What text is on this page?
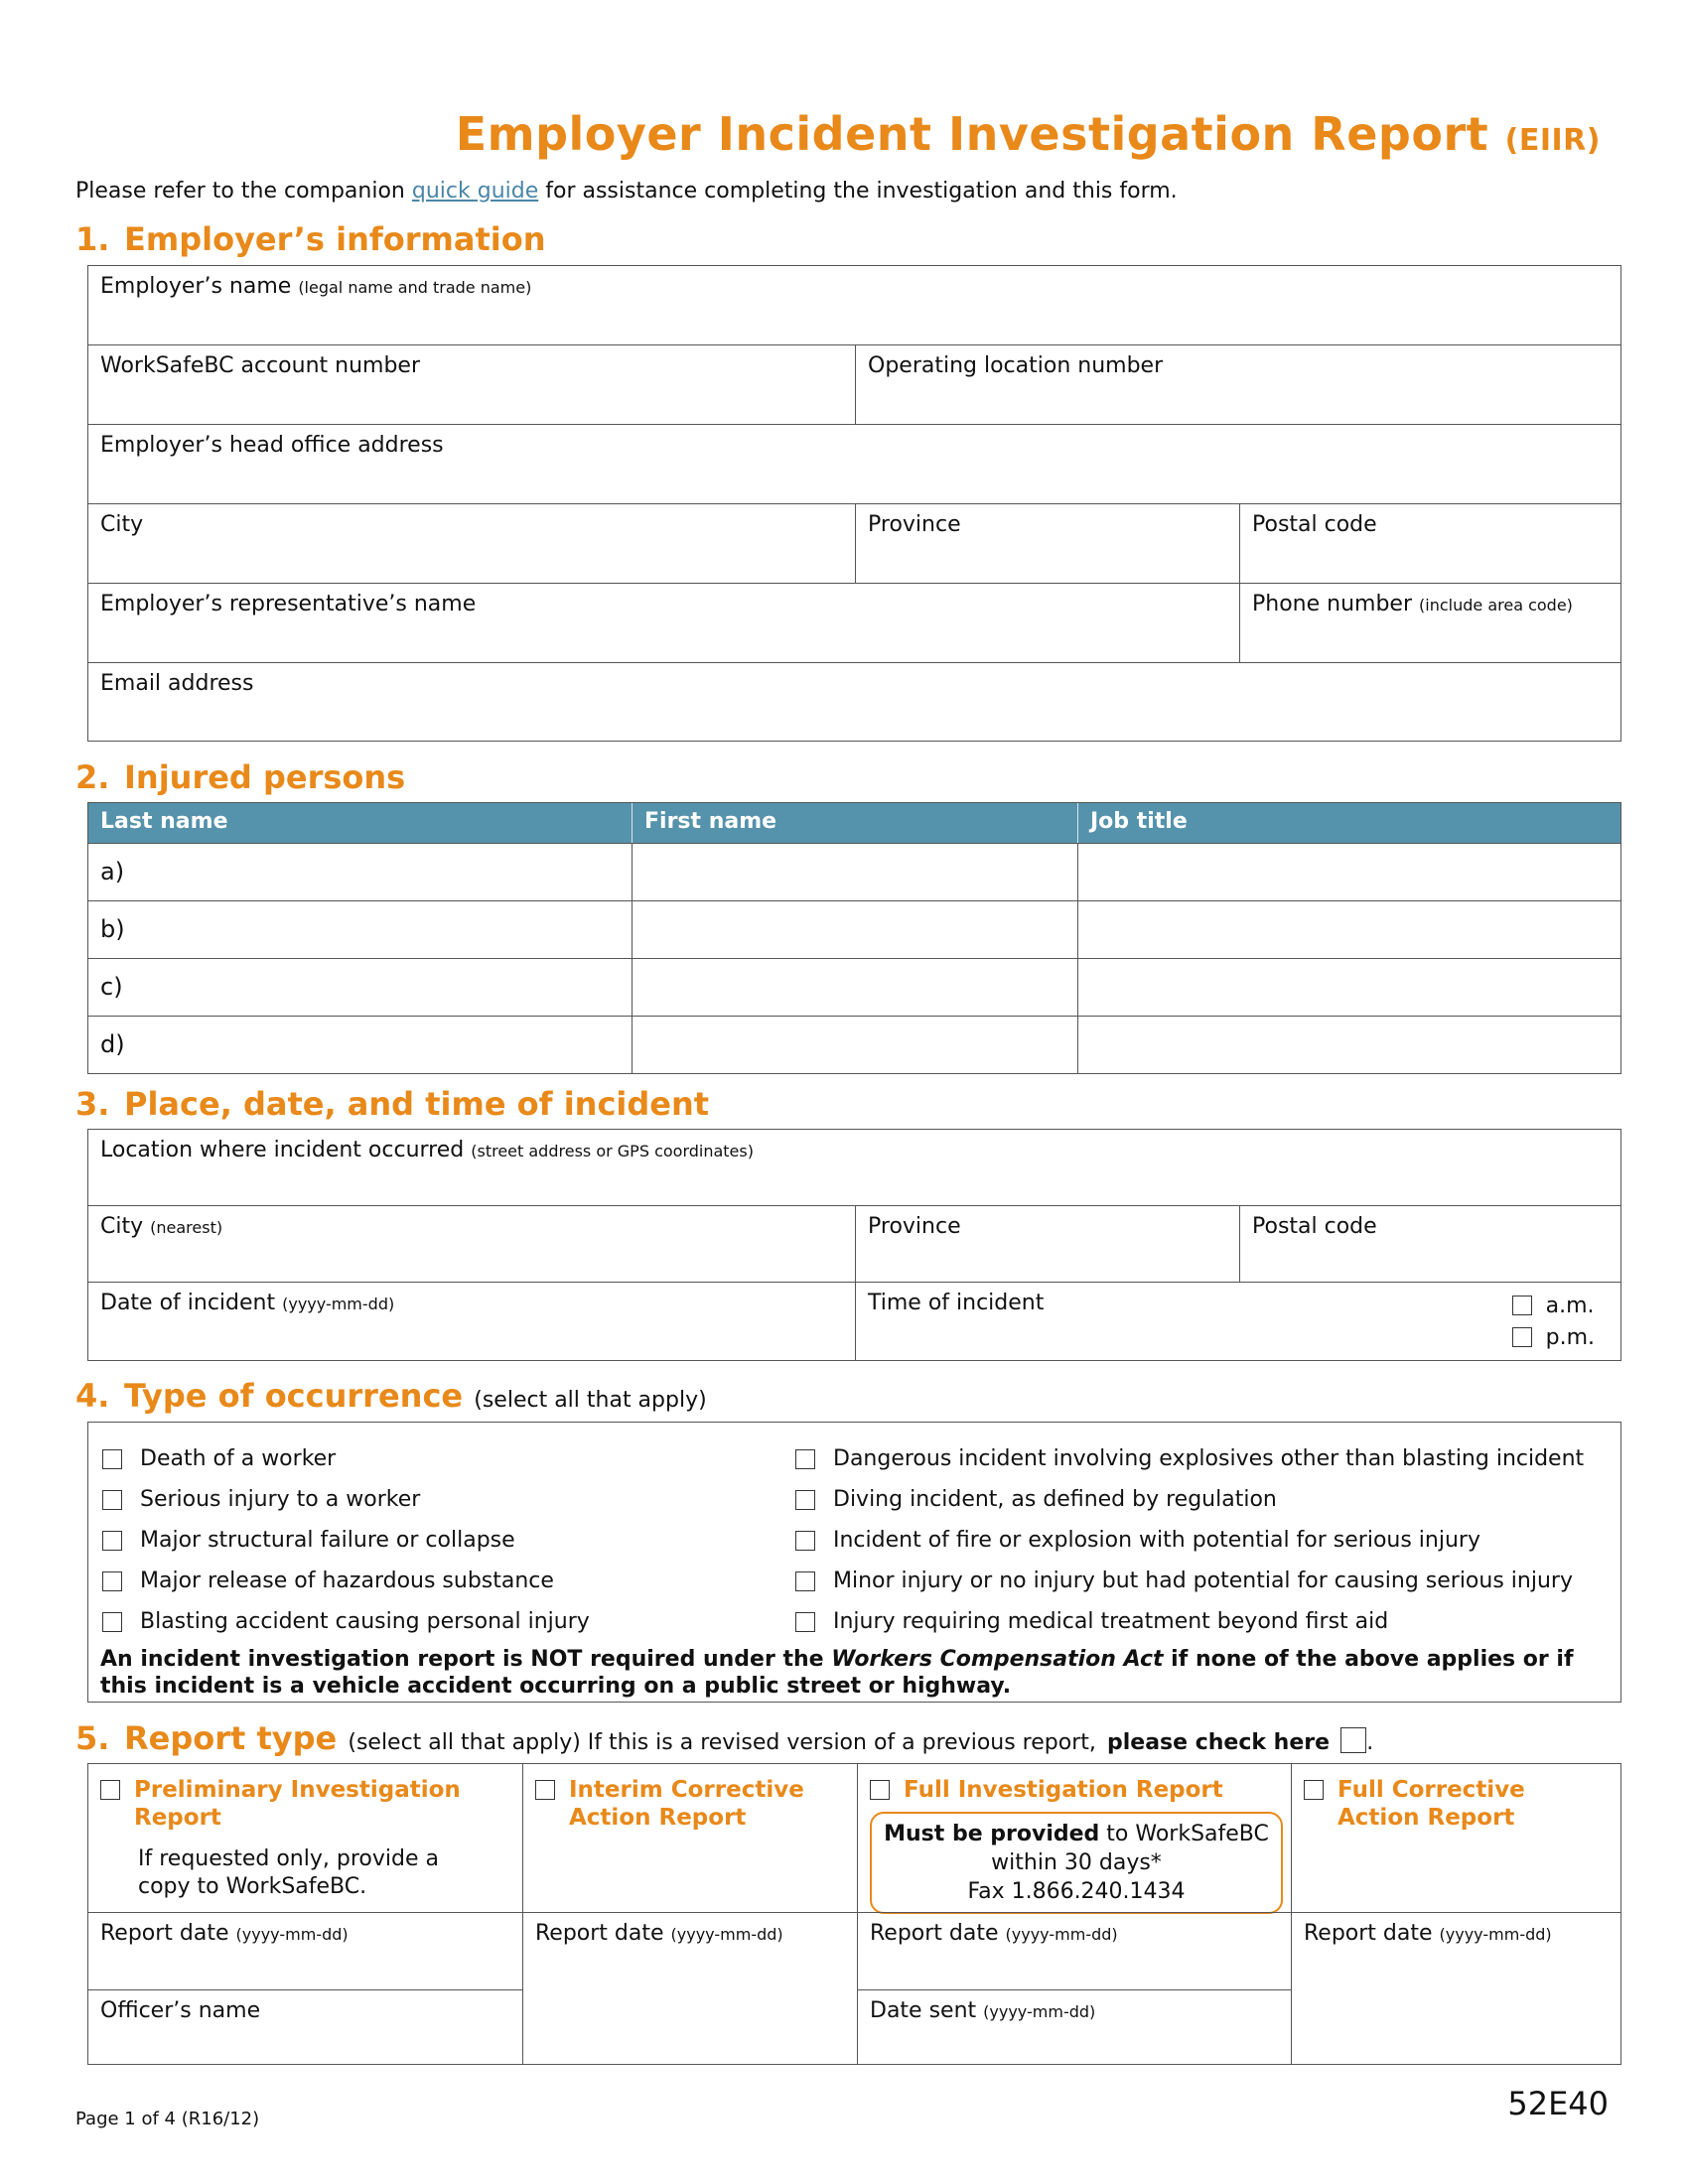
Employer Incident Investigation Report (EIIR)
Please refer to the companion quick guide for assistance completing the investigation and this form.
1. Employer’s information
Employer’s name (legal name and trade name)
WorkSafeBC account number	Operating location number
Employer’s head office address
City	Province	Postal code
Employer’s representative’s name	Phone number (include area code)
Email address
2. Injured persons
Last name	First name	Job title
a)
b)
c)
d)
3. Place, date, and time of incident
Location where incident occurred (street address or GPS coordinates)
City (nearest)	Province	Postal code
Date of incident (yyyy-mm-dd)	Time of incident	a.m.
p.m.
4. Type of occurrence (select all that apply)
Death of a worker
Serious injury to a worker
Major structural failure or collapse
Major release of hazardous substance
Blasting accident causing personal injury
Dangerous incident involving explosives other than blasting incident
Diving incident, as defined by regulation
Incident of fire or explosion with potential for serious injury
Minor injury or no injury but had potential for causing serious injury
Injury requiring medical treatment beyond first aid
An incident investigation report is NOT required under the Workers Compensation Act if none of the above applies or if this incident is a vehicle accident occurring on a public street or highway.
5. Report type (select all that apply) If this is a revised version of a previous report, please check here .
Preliminary Investigation Report
If requested only, provide a copy to WorkSafeBC.
Report date (yyyy-mm-dd)
Officer’s name
Interim Corrective Action Report
Report date (yyyy-mm-dd)
Full Investigation Report
Must be provided to WorkSafeBC
within 30 days*
Fax 1.866.240.1434
Report date (yyyy-mm-dd)
Date sent (yyyy-mm-dd)
Full Corrective Action Report
Report date (yyyy-mm-dd)
Page 1 of 4 (R16/12)	52E40
